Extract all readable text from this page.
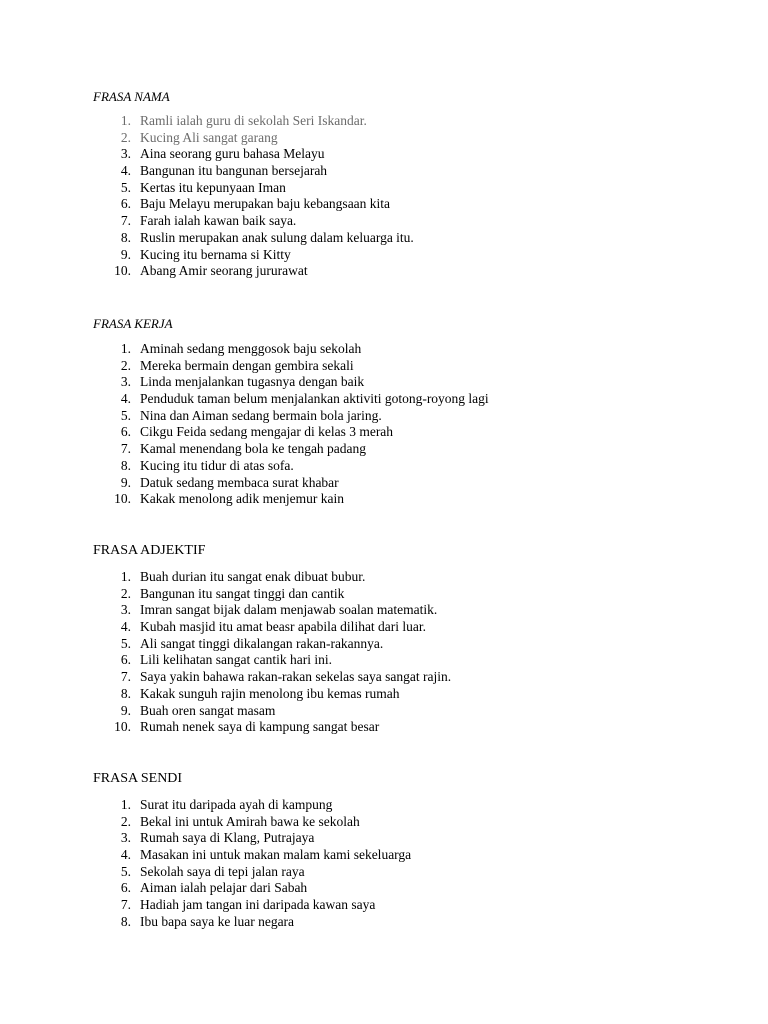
FRASA NAMA
1. Ramli ialah guru di sekolah Seri Iskandar.
2. Kucing Ali sangat garang
3. Aina seorang guru bahasa Melayu
4. Bangunan itu bangunan bersejarah
5. Kertas itu kepunyaan Iman
6. Baju Melayu merupakan baju kebangsaan kita
7. Farah ialah kawan baik saya.
8. Ruslin merupakan anak sulung dalam keluarga itu.
9. Kucing itu bernama si Kitty
10. Abang Amir seorang jururawat
FRASA KERJA
1. Aminah sedang menggosok baju sekolah
2. Mereka bermain dengan gembira sekali
3. Linda menjalankan tugasnya dengan baik
4. Penduduk taman belum menjalankan aktiviti gotong-royong lagi
5. Nina dan Aiman sedang bermain bola jaring.
6. Cikgu Feida sedang mengajar di kelas 3 merah
7. Kamal menendang bola ke tengah padang
8. Kucing itu tidur di atas sofa.
9. Datuk sedang membaca surat khabar
10. Kakak menolong adik menjemur kain
FRASA ADJEKTIF
1. Buah durian itu sangat enak dibuat bubur.
2. Bangunan itu sangat tinggi dan cantik
3. Imran sangat bijak dalam menjawab soalan matematik.
4. Kubah masjid itu amat beasr apabila dilihat dari luar.
5. Ali sangat tinggi dikalangan rakan-rakannya.
6. Lili kelihatan sangat cantik hari ini.
7. Saya yakin bahawa rakan-rakan sekelas saya sangat rajin.
8. Kakak sunguh rajin menolong ibu kemas rumah
9. Buah oren sangat masam
10. Rumah nenek saya di kampung sangat besar
FRASA SENDI
1. Surat itu daripada ayah di kampung
2. Bekal ini untuk Amirah bawa ke sekolah
3. Rumah saya di Klang, Putrajaya
4. Masakan ini untuk makan malam kami sekeluarga
5. Sekolah saya di tepi jalan raya
6. Aiman ialah pelajar dari Sabah
7. Hadiah jam tangan ini daripada kawan saya
8. Ibu bapa saya ke luar negara
